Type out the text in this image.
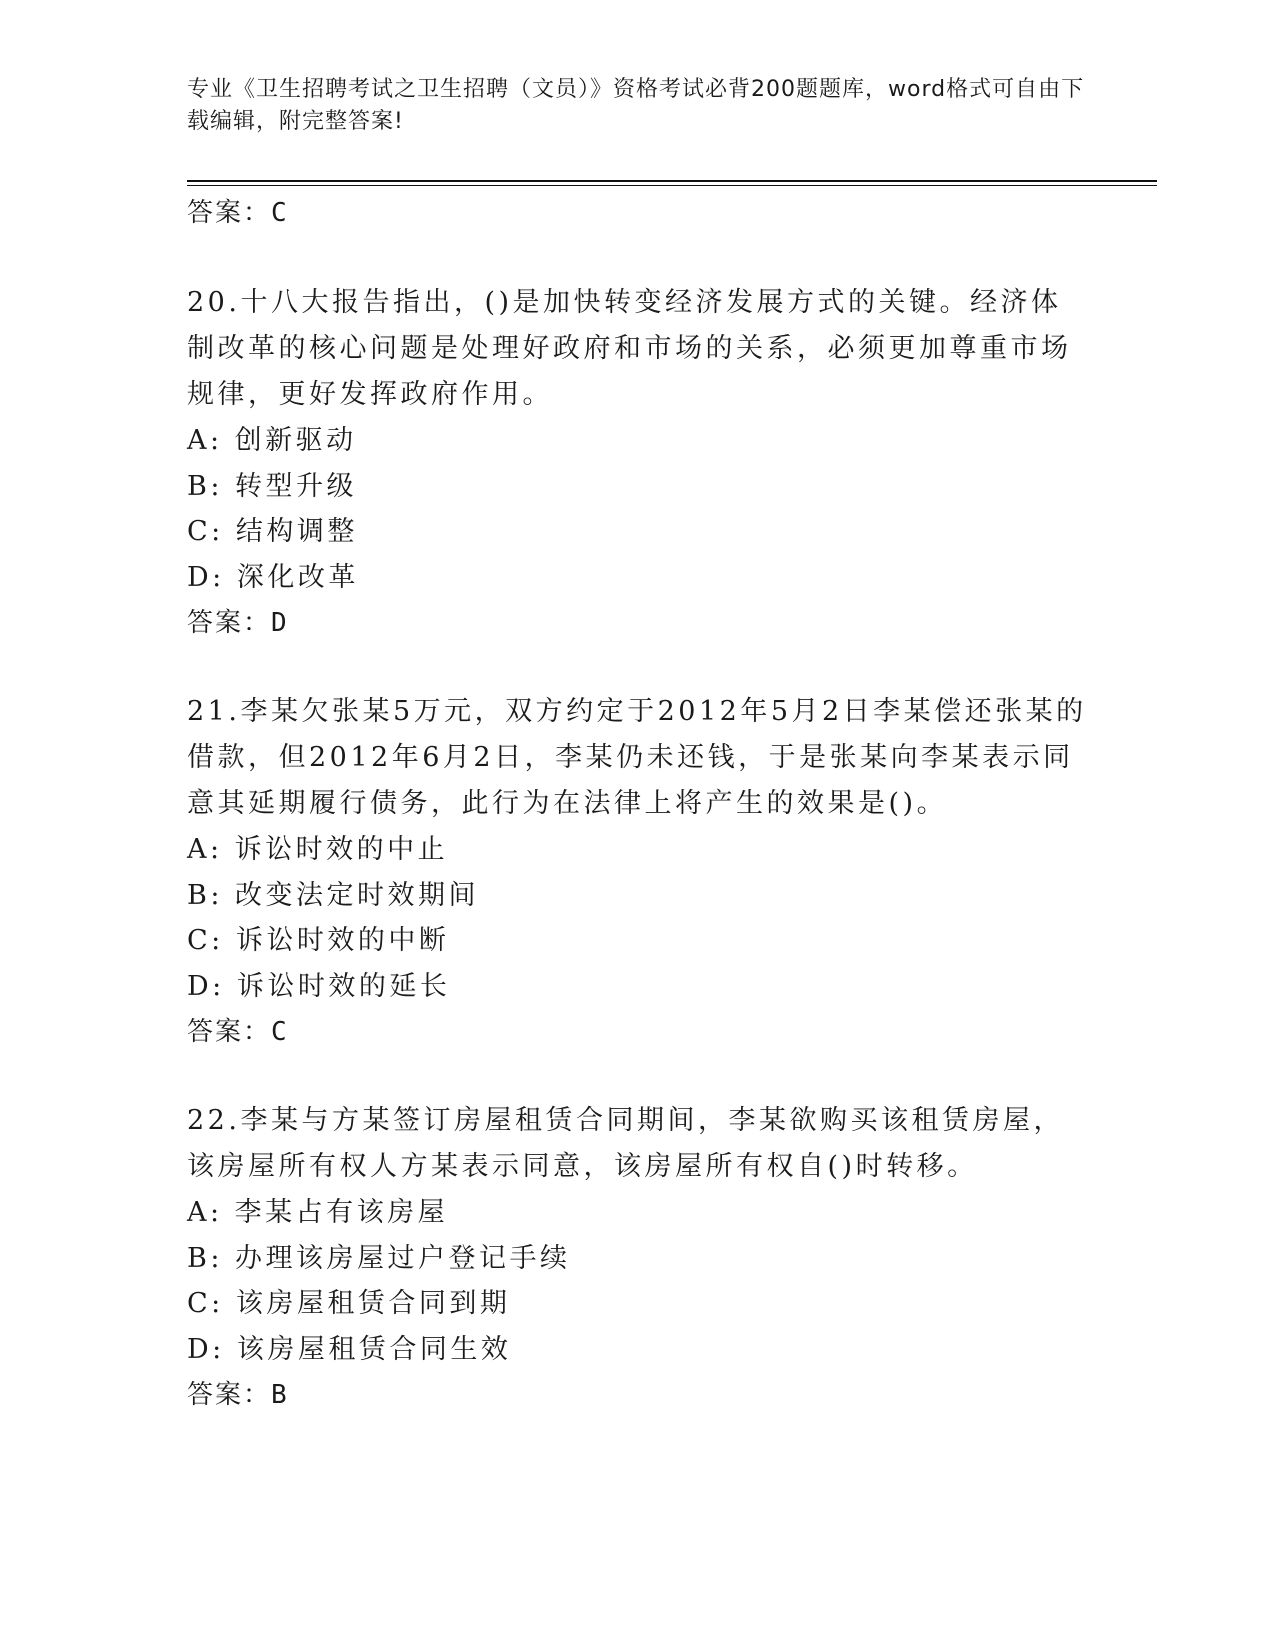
专业《卫生招聘考试之卫生招聘（文员）》资格考试必背200题题库，word格式可自由下载编辑，附完整答案!
答案：C

20.十八大报告指出，()是加快转变经济发展方式的关键。经济体制改革的核心问题是处理好政府和市场的关系，必须更加尊重市场规律，更好发挥政府作用。

A: 创新驱动
B: 转型升级
C: 结构调整
D: 深化改革
答案：D

21.李某欠张某5万元，双方约定于2012年5月2日李某偿还张某的借款，但2012年6月2日，李某仍未还钱，于是张某向李某表示同意其延期履行债务，此行为在法律上将产生的效果是()。

A: 诉讼时效的中止
B: 改变法定时效期间
C: 诉讼时效的中断
D: 诉讼时效的延长
答案：C

22.李某与方某签订房屋租赁合同期间，李某欲购买该租赁房屋，该房屋所有权人方某表示同意，该房屋所有权自()时转移。

A: 李某占有该房屋
B: 办理该房屋过户登记手续
C: 该房屋租赁合同到期
D: 该房屋租赁合同生效
答案：B
